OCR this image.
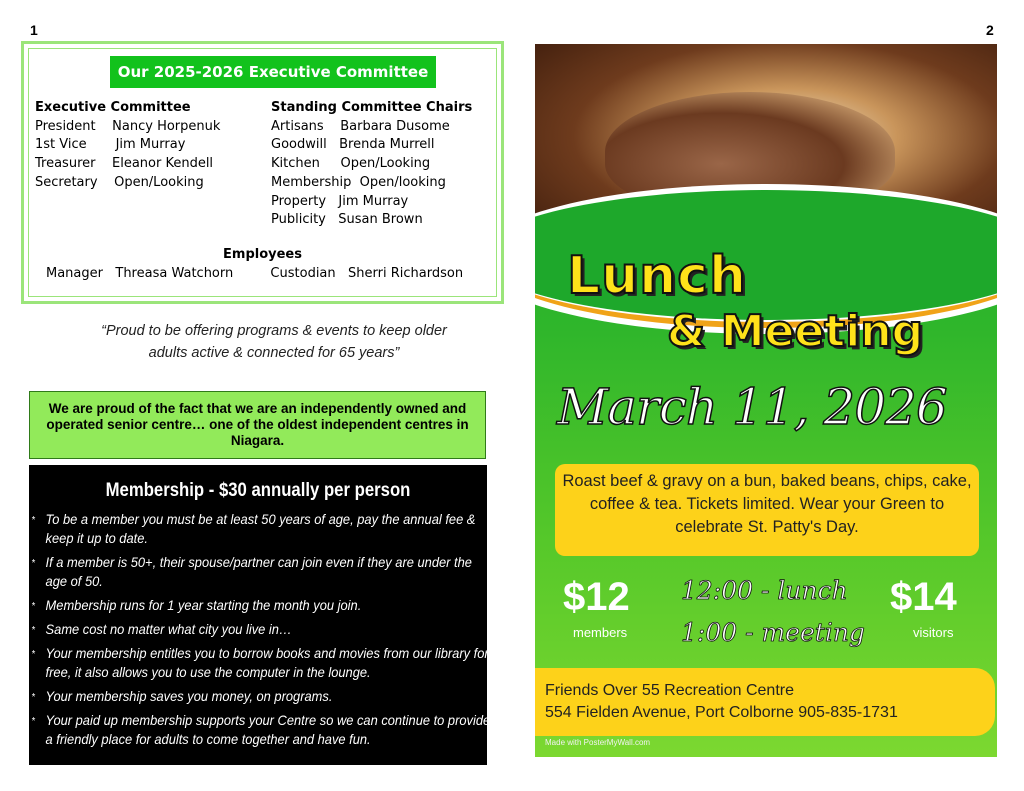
1	2
Our 2025-2026 Executive Committee
Executive Committee
President    Nancy Horpenuk
1st Vice       Jim Murray
Treasurer    Eleanor Kendell
Secretary    Open/Looking
Standing Committee Chairs
Artisans    Barbara Dusome
Goodwill   Brenda Murrell
Kitchen     Open/Looking
Membership  Open/looking
Property   Jim Murray
Publicity   Susan Brown
Employees
Manager   Threasa Watchorn         Custodian   Sherri Richardson
“Proud to be offering programs & events to keep older adults active & connected for 65 years”
We are proud of the fact that we are an independently owned and operated senior centre… one of the oldest independent centres in Niagara.
Membership - $30 annually per person
* To be a member you must be at least 50 years of age, pay the annual fee & keep it up to date.
* If a member is 50+, their spouse/partner can join even if they are under the age of 50.
* Membership runs for 1 year starting the month you join.
* Same cost no matter what city you live in…
* Your membership entitles you to borrow books and movies from our library for free, it also allows you to use the computer in the lounge.
* Your membership saves you money, on programs.
* Your paid up membership supports your Centre so we can continue to provide a friendly place for adults to come together and have fun.
Lunch
& Meeting
March 11, 2026
Roast beef & gravy on a bun, baked beans, chips, cake, coffee & tea. Tickets limited. Wear your Green to celebrate St. Patty's Day.
$12
members
12:00 - lunch
1:00 - meeting
$14
visitors
Friends Over 55 Recreation Centre
554 Fielden Avenue, Port Colborne 905-835-1731
Made with PosterMyWall.com
